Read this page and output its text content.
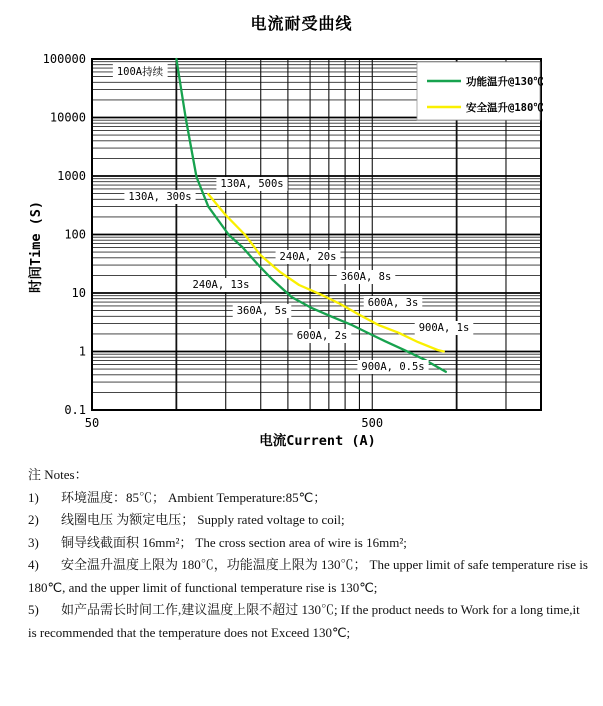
电流耐受曲线
100000
10000
1000
100
10
1
0.1
50	500
电流Current (A)
时间Time (S)
功能温升@130℃
安全温升@180℃
100A持续
130A, 300s
130A, 500s
240A, 13s
240A, 20s
360A, 5s
360A, 8s
600A, 2s
600A, 3s
900A, 1s
900A, 0.5s
注 Notes：
1) 环境温度：85℃； Ambient Temperature:85℃；
2) 线圈电压 为额定电压； Supply rated voltage to coil;
3) 铜导线截面积 16mm²； The cross section area of wire is 16mm²;
4) 安全温升温度上限为 180℃，功能温度上限为 130℃； The upper limit of safe temperature rise is 180℃, and the upper limit of functional temperature rise is 130℃;
5) 如产品需长时间工作,建议温度上限不超过 130℃; If the product needs to Work for a long time,it is recommended that the temperature does not Exceed 130℃;
